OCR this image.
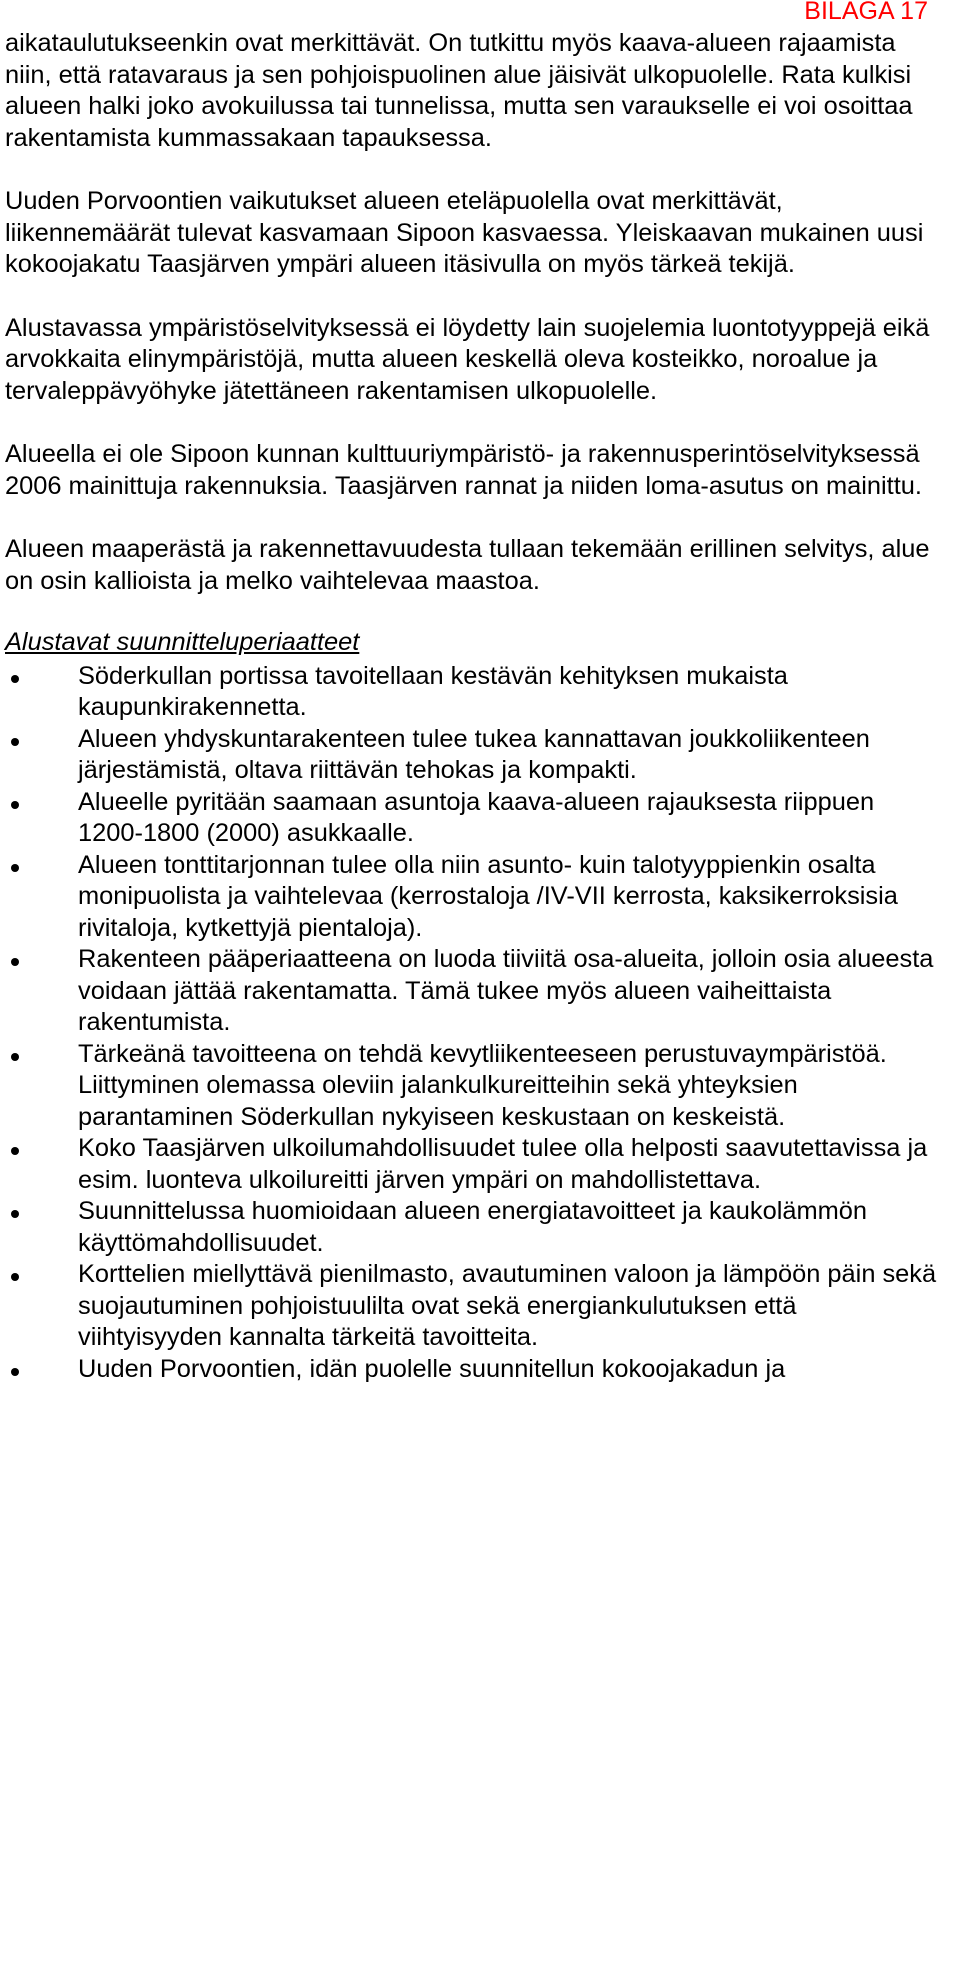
BILAGA 17

aikataulutukseenkin ovat merkittävät. On tutkittu myös kaava-alueen rajaamista niin, että ratavaraus ja sen pohjoispuolinen alue jäisivät ulkopuolelle. Rata kulkisi alueen halki joko avokuilussa tai tunnelissa, mutta sen varaukselle ei voi osoittaa rakentamista kummassakaan tapauksessa.

Uuden Porvoontien vaikutukset alueen eteläpuolella ovat merkittävät, liikennemäärät tulevat kasvamaan Sipoon kasvaessa. Yleiskaavan mukainen uusi kokoojakatu Taasjärven ympäri alueen itäsivulla on myös tärkeä tekijä.

Alustavassa ympäristöselvityksessä ei löydetty lain suojelemia luontotyyppejä eikä arvokkaita elinympäristöjä, mutta alueen keskellä oleva kosteikko, noroalue ja tervaleppävyöhyke jätettäneen rakentamisen ulkopuolelle.

Alueella ei ole Sipoon kunnan kulttuuriympäristö- ja rakennusperintöselvityksessä 2006 mainittuja rakennuksia. Taasjärven rannat ja niiden loma-asutus on mainittu.

Alueen maaperästä ja rakennettavuudesta tullaan tekemään erillinen selvitys, alue on osin kallioista ja melko vaihtelevaa maastoa.

Alustavat suunnitteluperiaatteet

Söderkullan portissa tavoitellaan kestävän kehityksen mukaista kaupunkirakennetta.
Alueen yhdyskuntarakenteen tulee tukea kannattavan joukkoliikenteen järjestämistä, oltava riittävän tehokas ja kompakti.
Alueelle pyritään saamaan asuntoja kaava-alueen rajauksesta riippuen 1200-1800 (2000) asukkaalle.
Alueen tonttitarjonnan tulee olla niin asunto- kuin talotyyppienkin osalta monipuolista ja vaihtelevaa (kerrostaloja /IV-VII kerrosta, kaksikerroksisia rivitaloja, kytkettyjä pientaloja).
Rakenteen pääperiaatteena on luoda tiiviitä osa-alueita, jolloin osia alueesta voidaan jättää rakentamatta. Tämä tukee myös alueen vaiheittaista rakentumista.
Tärkeänä tavoitteena on tehdä kevytliikenteeseen perustuvaympäristöä. Liittyminen olemassa oleviin jalankulkureitteihin sekä yhteyksien parantaminen Söderkullan nykyiseen keskustaan on keskeistä.
Koko Taasjärven ulkoilumahdollisuudet tulee olla helposti saavutettavissa ja esim. luonteva ulkoilureitti järven ympäri on mahdollistettava.
Suunnittelussa huomioidaan alueen energiatavoitteet ja kaukolämmön käyttömahdollisuudet.
Korttelien miellyttävä pienilmasto, avautuminen valoon ja lämpöön päin sekä suojautuminen pohjoistuulilta ovat sekä energiankulutuksen että viihtyisyyden kannalta tärkeitä tavoitteita.
Uuden Porvoontien, idän puolelle suunnitellun kokoojakadun ja
